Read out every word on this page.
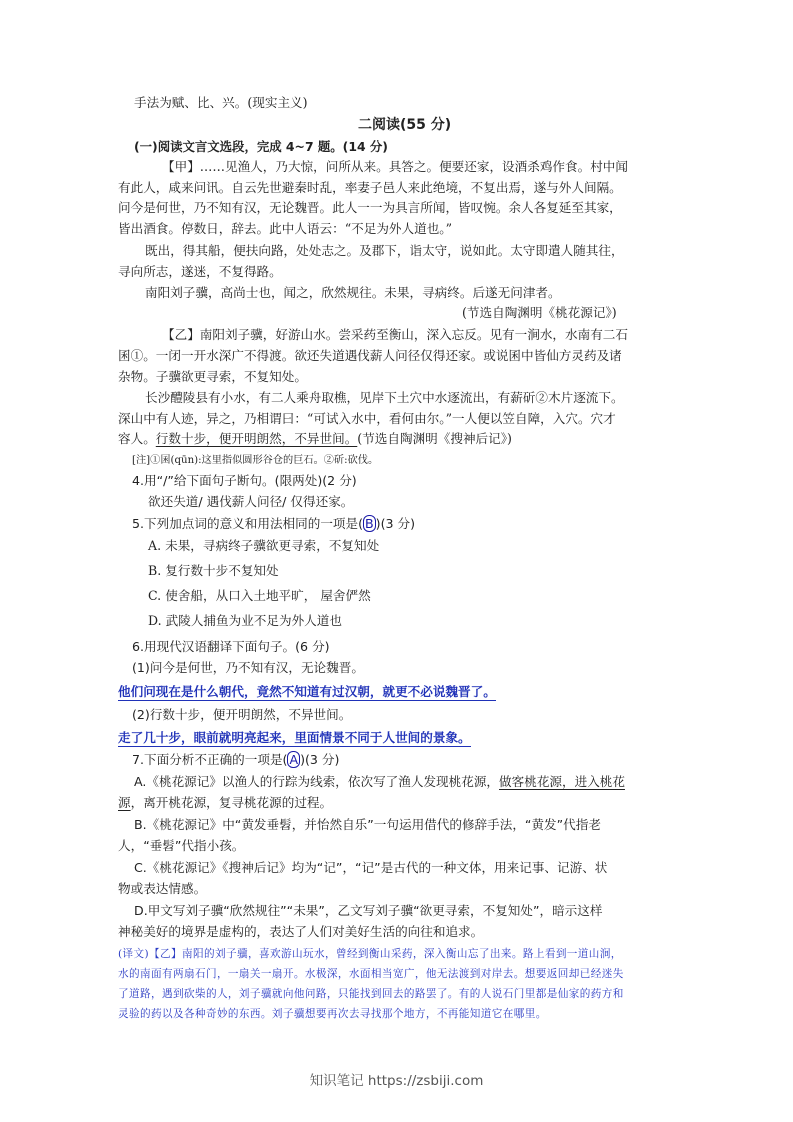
手法为赋、比、兴。(现实主义)
二阅读(55 分)
(一)阅读文言文选段，完成 4~7 题。(14 分)
【甲】……见渔人，乃大惊，问所从来。具答之。便要还家，设酒杀鸡作食。村中闻
有此人，咸来问讯。自云先世避秦时乱，率妻子邑人来此绝境，不复出焉，遂与外人间隔。
问今是何世，乃不知有汉，无论魏晋。此人一一为具言所闻，皆叹惋。余人各复延至其家，
皆出酒食。停数日，辞去。此中人语云：“不足为外人道也。”
既出，得其船，便扶向路，处处志之。及郡下，诣太守，说如此。太守即遣人随其往，
寻向所志，遂迷，不复得路。
南阳刘子骥，高尚士也，闻之，欣然规往。未果，寻病终。后遂无问津者。
(节选自陶渊明《桃花源记》)
【乙】南阳刘子骥，好游山水。尝采药至衡山，深入忘反。见有一涧水，水南有二石
囷①。一闭一开水深广不得渡。欲还失道遇伐薪人问径仅得还家。或说囷中皆仙方灵药及诸
杂物。子骥欲更寻索，不复知处。
长沙醴陵县有小水，有二人乘舟取樵，见岸下土穴中水逐流出，有薪斫②木片逐流下。
深山中有人迹，异之，乃相谓曰：“可试入水中，看何由尔。”一人便以笠自障，入穴。穴才
容人。行数十步，便开明朗然，不异世间。(节选自陶渊明《搜神后记》)
[注]①囷(qūn):这里指似圆形谷仓的巨石。②斫:砍伐。
4.用“/”给下面句子断句。(限两处)(2 分)
欲还失道/ 遇伐薪人问径/ 仅得还家。
5.下列加点词的意义和用法相同的一项是( B )(3 分)
A. 未果，寻病终子骥欲更寻索，不复知处
B. 复行数十步不复知处
C. 使舍船，从口入土地平旷， 屋舍俨然
D. 武陵人捕鱼为业不足为外人道也
6.用现代汉语翻译下面句子。(6 分)
(1)问今是何世，乃不知有汉，无论魏晋。
他们问现在是什么朝代，竟然不知道有过汉朝，就更不必说魏晋了。
(2)行数十步，便开明朗然，不异世间。
走了几十步，眼前就明亮起来，里面情景不同于人世间的景象。
7.下面分析不正确的一项是( A )(3 分)
A.《桃花源记》以渔人的行踪为线索，依次写了渔人发现桃花源，做客桃花源，进入桃花
源，离开桃花源，复寻桃花源的过程。
B.《桃花源记》中“黄发垂髫，并怡然自乐”一句运用借代的修辞手法，“黄发”代指老
人，“垂髫”代指小孩。
C.《桃花源记》《搜神后记》均为“记”，“记”是古代的一种文体，用来记事、记游、状
物或表达情感。
D.甲文写刘子骥“欣然规往”“未果”，乙文写刘子骥“欲更寻索，不复知处”，暗示这样
神秘美好的境界是虚构的，表达了人们对美好生活的向往和追求。
(译文)【乙】南阳的刘子骥，喜欢游山玩水，曾经到衡山采药，深入衡山忘了出来。路上看到一道山涧，
水的南面有两扇石门，一扇关一扇开。水极深，水面相当宽广，他无法渡到对岸去。想要返回却已经迷失
了道路，遇到砍柴的人，刘子骥就向他问路，只能找到回去的路罢了。有的人说石门里都是仙家的药方和
灵验的药以及各种奇妙的东西。刘子骥想要再次去寻找那个地方，不再能知道它在哪里。
知识笔记 https://zsbiji.com
